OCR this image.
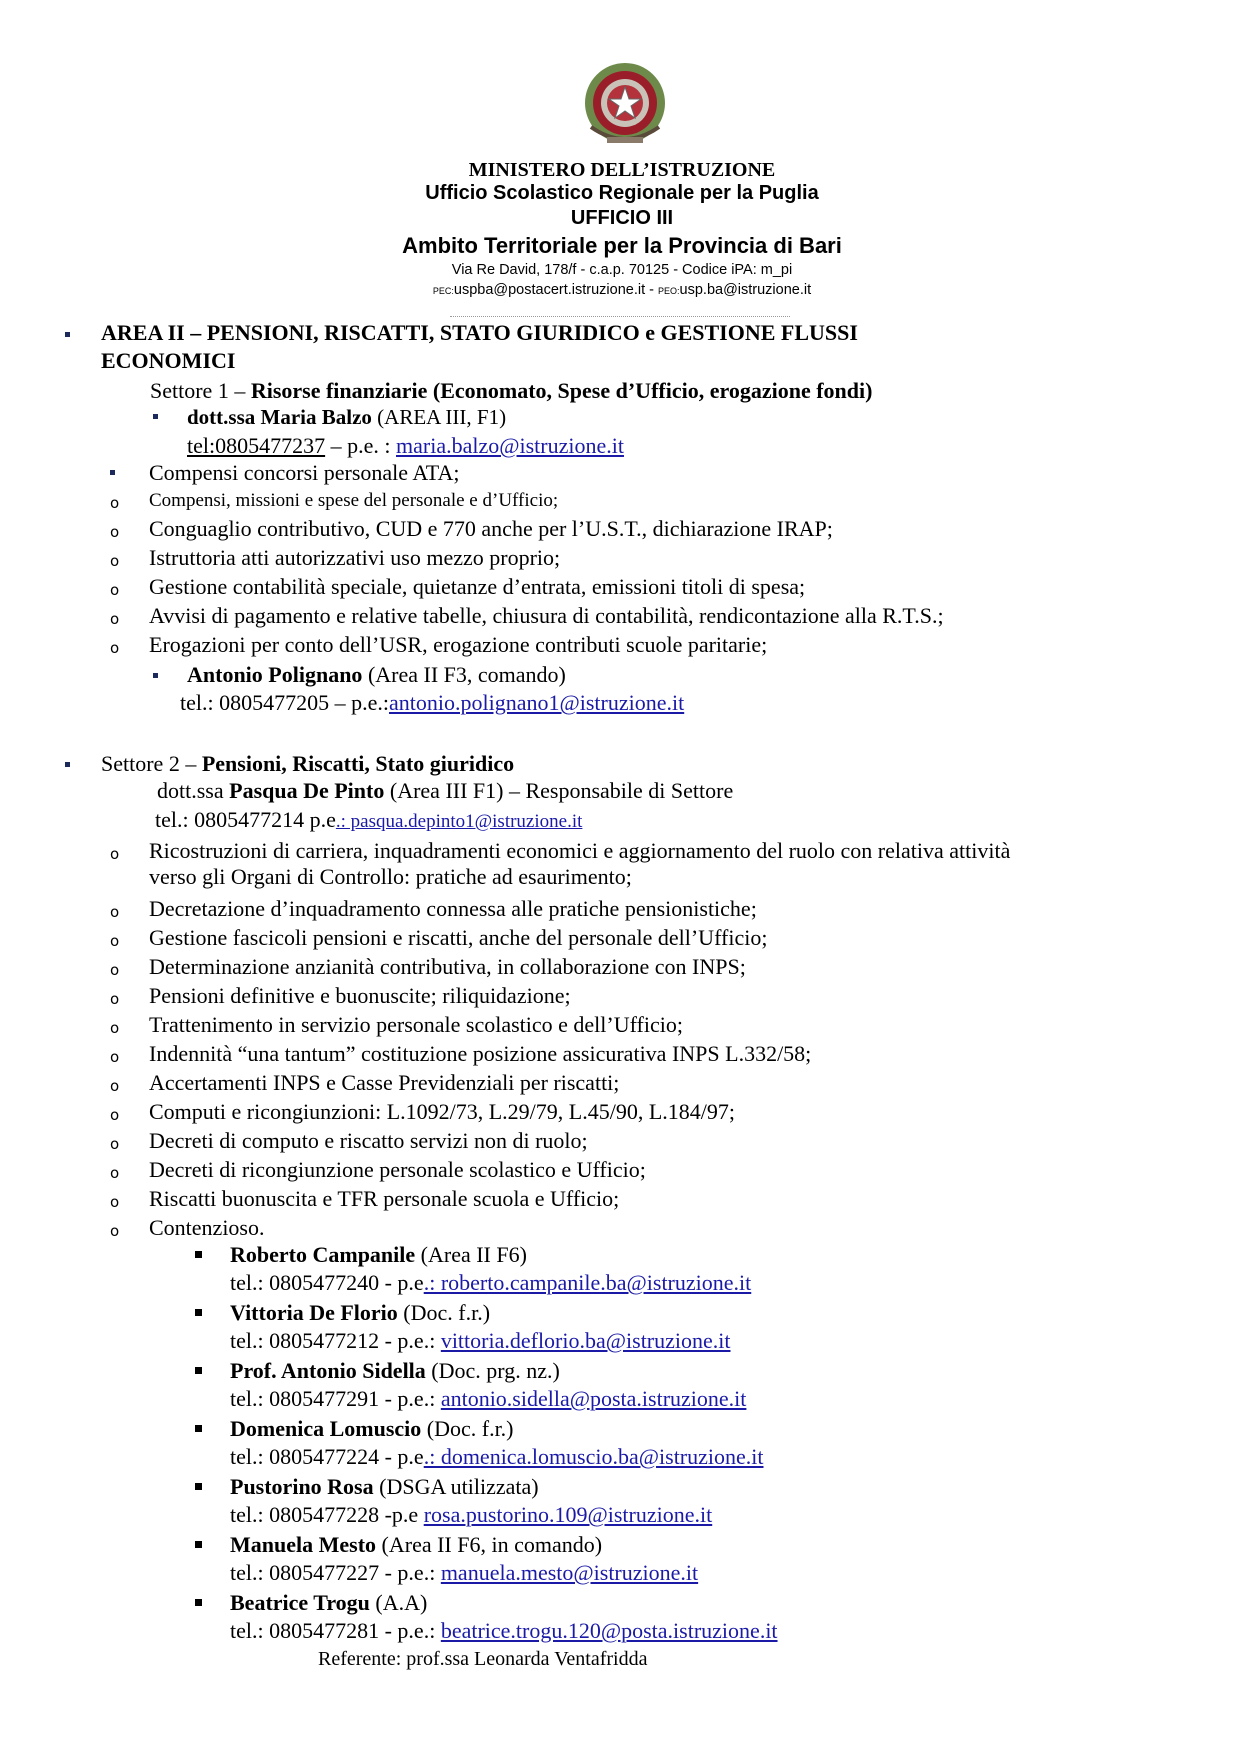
MINISTERO DELL’ISTRUZIONE
Ufficio Scolastico Regionale per la Puglia
UFFICIO III
Ambito Territoriale per la Provincia di Bari
Via Re David, 178/f - c.a.p. 70125 - Codice iPA: m_pi
PEC:uspba@postacert.istruzione.it - PEO:usp.ba@istruzione.it
AREA II – PENSIONI, RISCATTI, STATO GIURIDICO e GESTIONE FLUSSI
ECONOMICI
Settore 1 – Risorse finanziarie (Economato, Spese d’Ufficio, erogazione fondi)
dott.ssa Maria Balzo (AREA III, F1)
tel:0805477237 – p.e. : maria.balzo@istruzione.it
Compensi concorsi personale ATA;
o Compensi, missioni e spese del personale e d’Ufficio;
o Conguaglio contributivo, CUD e 770 anche per l’U.S.T., dichiarazione IRAP;
o Istruttoria atti autorizzativi uso mezzo proprio;
o Gestione contabilità speciale, quietanze d’entrata, emissioni titoli di spesa;
o Avvisi di pagamento e relative tabelle, chiusura di contabilità, rendicontazione alla R.T.S.;
o Erogazioni per conto dell’USR, erogazione contributi scuole paritarie;
Antonio Polignano (Area II F3, comando)
tel.: 0805477205 – p.e.:antonio.polignano1@istruzione.it
Settore 2 – Pensioni, Riscatti, Stato giuridico
dott.ssa Pasqua De Pinto (Area III F1) – Responsabile di Settore
tel.: 0805477214 p.e.: pasqua.depinto1@istruzione.it
o Ricostruzioni di carriera, inquadramenti economici e aggiornamento del ruolo con relativa attività
verso gli Organi di Controllo: pratiche ad esaurimento;
o Decretazione d’inquadramento connessa alle pratiche pensionistiche;
o Gestione fascicoli pensioni e riscatti, anche del personale dell’Ufficio;
o Determinazione anzianità contributiva, in collaborazione con INPS;
o Pensioni definitive e buonuscite; riliquidazione;
o Trattenimento in servizio personale scolastico e dell’Ufficio;
o Indennità “una tantum” costituzione posizione assicurativa INPS L.332/58;
o Accertamenti INPS e Casse Previdenziali per riscatti;
o Computi e ricongiunzioni: L.1092/73, L.29/79, L.45/90, L.184/97;
o Decreti di computo e riscatto servizi non di ruolo;
o Decreti di ricongiunzione personale scolastico e Ufficio;
o Riscatti buonuscita e TFR personale scuola e Ufficio;
o Contenzioso.
Roberto Campanile (Area II F6)
tel.: 0805477240 - p.e.: roberto.campanile.ba@istruzione.it
Vittoria De Florio (Doc. f.r.)
tel.: 0805477212 - p.e.: vittoria.deflorio.ba@istruzione.it
Prof. Antonio Sidella (Doc. prg. nz.)
tel.: 0805477291 - p.e.: antonio.sidella@posta.istruzione.it
Domenica Lomuscio (Doc. f.r.)
tel.: 0805477224 - p.e.: domenica.lomuscio.ba@istruzione.it
Pustorino Rosa (DSGA utilizzata)
tel.: 0805477228 -p.e rosa.pustorino.109@istruzione.it
Manuela Mesto (Area II F6, in comando)
tel.: 0805477227 - p.e.: manuela.mesto@istruzione.it
Beatrice Trogu (A.A)
tel.: 0805477281 - p.e.: beatrice.trogu.120@posta.istruzione.it
Referente: prof.ssa Leonarda Ventafridda
